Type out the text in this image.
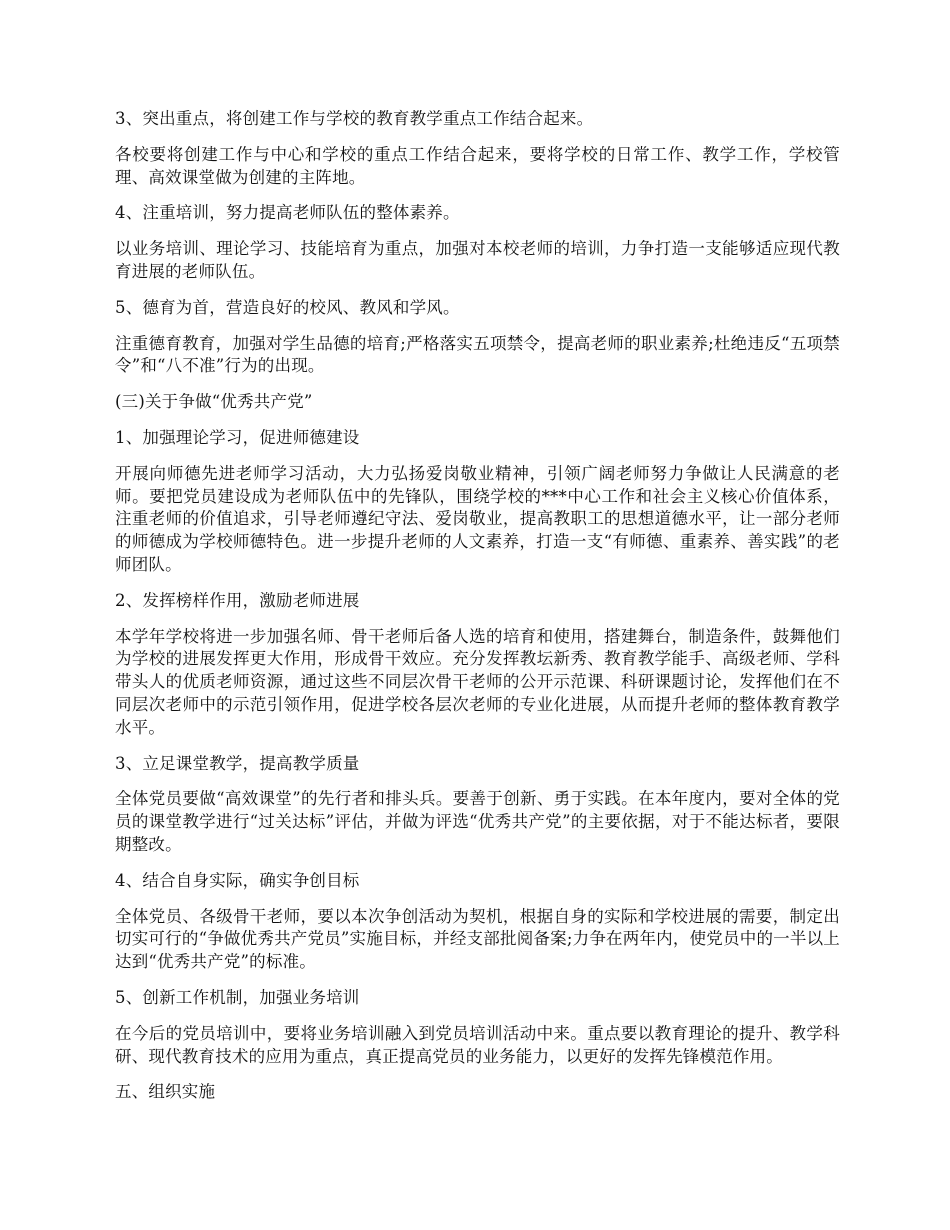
3、突出重点，将创建工作与学校的教育教学重点工作结合起来。

各校要将创建工作与中心和学校的重点工作结合起来，要将学校的日常工作、教学工作，学校管理、高效课堂做为创建的主阵地。

4、注重培训，努力提高老师队伍的整体素养。

以业务培训、理论学习、技能培育为重点，加强对本校老师的培训，力争打造一支能够适应现代教育进展的老师队伍。

5、德育为首，营造良好的校风、教风和学风。

注重德育教育，加强对学生品德的培育;严格落实五项禁令，提高老师的职业素养;杜绝违反“五项禁令”和“八不准”行为的出现。

(三)关于争做“优秀共产党”

1、加强理论学习，促进师德建设

开展向师德先进老师学习活动，大力弘扬爱岗敬业精神，引领广阔老师努力争做让人民满意的老师。要把党员建设成为老师队伍中的先锋队，围绕学校的***中心工作和社会主义核心价值体系，注重老师的价值追求，引导老师遵纪守法、爱岗敬业，提高教职工的思想道德水平，让一部分老师的师德成为学校师德特色。进一步提升老师的人文素养，打造一支“有师德、重素养、善实践”的老师团队。

2、发挥榜样作用，激励老师进展

本学年学校将进一步加强名师、骨干老师后备人选的培育和使用，搭建舞台，制造条件，鼓舞他们为学校的进展发挥更大作用，形成骨干效应。充分发挥教坛新秀、教育教学能手、高级老师、学科带头人的优质老师资源，通过这些不同层次骨干老师的公开示范课、科研课题讨论，发挥他们在不同层次老师中的示范引领作用，促进学校各层次老师的专业化进展，从而提升老师的整体教育教学水平。

3、立足课堂教学，提高教学质量

全体党员要做“高效课堂”的先行者和排头兵。要善于创新、勇于实践。在本年度内，要对全体的党员的课堂教学进行“过关达标”评估，并做为评选“优秀共产党”的主要依据，对于不能达标者，要限期整改。

4、结合自身实际，确实争创目标

全体党员、各级骨干老师，要以本次争创活动为契机，根据自身的实际和学校进展的需要，制定出切实可行的“争做优秀共产党员”实施目标，并经支部批阅备案;力争在两年内，使党员中的一半以上达到“优秀共产党”的标准。

5、创新工作机制，加强业务培训

在今后的党员培训中，要将业务培训融入到党员培训活动中来。重点要以教育理论的提升、教学科研、现代教育技术的应用为重点，真正提高党员的业务能力，以更好的发挥先锋模范作用。

五、组织实施
